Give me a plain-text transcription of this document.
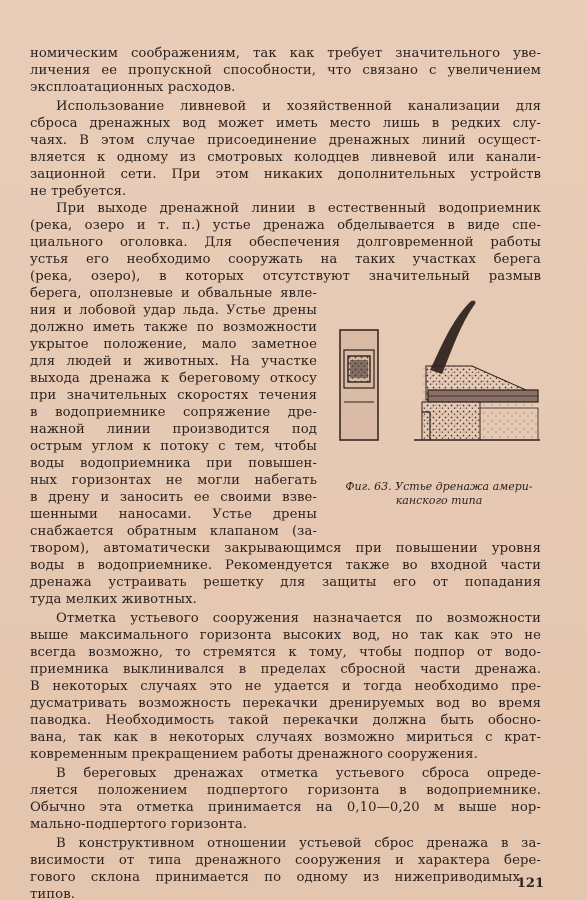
номическим соображениям, так как требует значительного уве-
личения ее пропускной способности, что связано с увеличением
эксплоатационных расходов.
Использование ливневой и хозяйственной канализации для
сброса дренажных вод может иметь место лишь в редких слу-
чаях. В этом случае присоединение дренажных линий осущест-
вляется к одному из смотровых колодцев ливневой или канали-
зационной сети. При этом никаких дополнительных устройств
не требуется.
При выходе дренажной линии в естественный водоприемник
(река, озеро и т. п.) устье дренажа обделывается в виде спе-
циального оголовка. Для обеспечения долговременной работы
устья его необходимо сооружать на таких участках берега
(река, озеро), в которых отсутствуют значительный размыв
берега, оползневые и обвальные явле-
ния и лобовой удар льда. Устье дрены
должно иметь также по возможности
укрытое положение, мало заметное
для людей и животных. На участке
выхода дренажа к береговому откосу
при значительных скоростях течения
в водоприемнике сопряжение дре-
нажной линии производится под
острым углом к потоку с тем, чтобы
воды водоприемника при повышен-
ных горизонтах не могли набегать
в дрену и заносить ее своими взве-
шенными наносами. Устье дрены
снабжается обратным клапаном (за-
твором), автоматически закрывающимся при повышении уровня
воды в водоприемнике. Рекомендуется также во входной части
дренажа устраивать решетку для защиты его от попадания
туда мелких животных.
Отметка устьевого сооружения назначается по возможности
выше максимального горизонта высоких вод, но так как это не
всегда возможно, то стремятся к тому, чтобы подпор от водо-
приемника выклинивался в пределах сбросной части дренажа.
В некоторых случаях это не удается и тогда необходимо пре-
дусматривать возможность перекачки дренируемых вод во время
паводка. Необходимость такой перекачки должна быть обосно-
вана, так как в некоторых случаях возможно мириться с крат-
ковременным прекращением работы дренажного сооружения.
В береговых дренажах отметка устьевого сброса опреде-
ляется положением подпертого горизонта в водоприемнике.
Обычно эта отметка принимается на 0,10—0,20 м выше нор-
мально-подпертого горизонта.
В конструктивном отношении устьевой сброс дренажа в за-
висимости от типа дренажного сооружения и характера бере-
гового склона принимается по одному из нижеприводимых
типов.
Фиг. 63. Устье дренажа амери-
канского типа
121
